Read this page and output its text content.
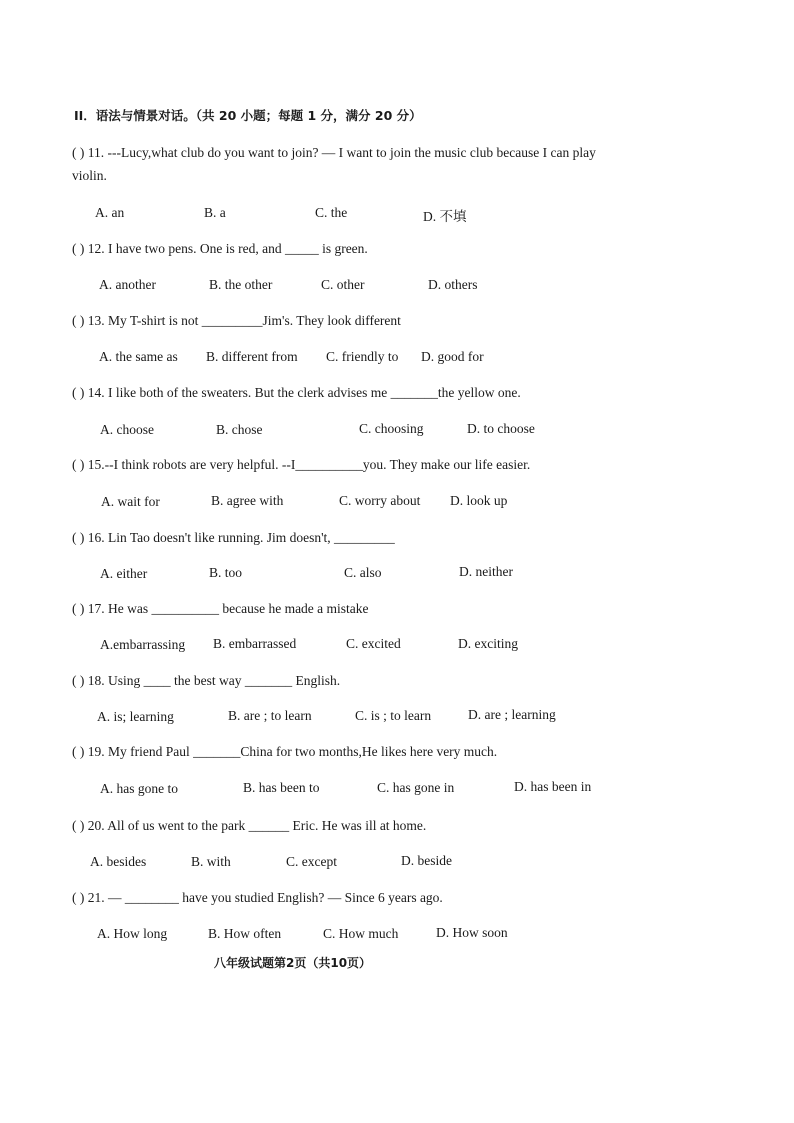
II．语法与情景对话。（共 20 小题；每题 1 分，满分 20 分）
( ) 11. ---Lucy,what club do you want to join? — I want to join the music club because I can play
violin.
A. an	B. a	C. the	D. 不填
( ) 12. I have two pens. One is red, and _____ is green.
A. another	B. the other	C. other	D. others
( ) 13. My T-shirt is not _________Jim's. They look different
A. the same as B. different from C. friendly to D. good for
( ) 14. I like both of the sweaters. But the clerk advises me _______the yellow one.
A. choose	B. chose	C. choosing	D. to choose
( ) 15.--I think robots are very helpful. --I__________you. They make our life easier.
A. wait for	B. agree with	C. worry about D. look up
( ) 16. Lin Tao doesn't like running. Jim doesn't, _________
A. either	B. too	C. also	D. neither
( ) 17. He was __________ because he made a mistake
A.embarrassing B. embarrassed	C. excited	D. exciting
( ) 18. Using ____ the best way _______ English.
A. is; learning	B. are ; to learn	C. is ; to learn	D. are ; learning
( ) 19. My friend Paul _______China for two months,He likes here very much.
A. has gone to	B. has been to	C. has gone in	D. has been in
( ) 20. All of us went to the park ______ Eric. He was ill at home.
A. besides	B. with	C. except	D. beside
( ) 21. — ________ have you studied English? — Since 6 years ago.
A. How long	B. How often	C. How much	D. How soon
八年级试题第2页（共10页）
